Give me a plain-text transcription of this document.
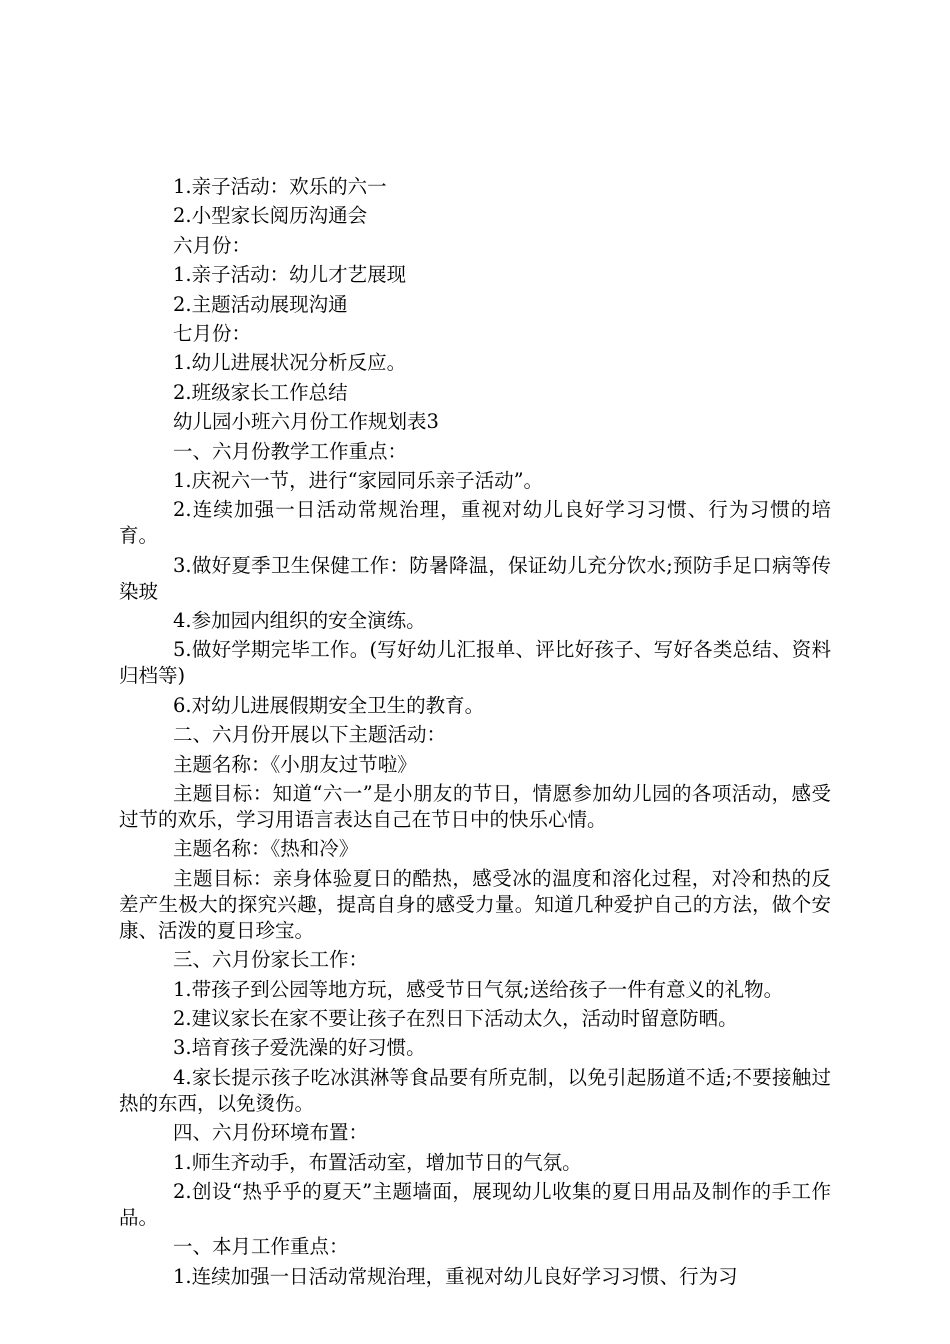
1.亲子活动：欢乐的六一

2.小型家长阅历沟通会

六月份：

1.亲子活动：幼儿才艺展现

2.主题活动展现沟通

七月份：

1.幼儿进展状况分析反应。

2.班级家长工作总结

幼儿园小班六月份工作规划表3

一、六月份教学工作重点：

1.庆祝六一节，进行“家园同乐亲子活动”。

2.连续加强一日活动常规治理，重视对幼儿良好学习习惯、行为习惯的培育。

3.做好夏季卫生保健工作：防暑降温，保证幼儿充分饮水;预防手足口病等传染玻

4.参加园内组织的安全演练。

5.做好学期完毕工作。(写好幼儿汇报单、评比好孩子、写好各类总结、资料归档等)

6.对幼儿进展假期安全卫生的教育。

二、六月份开展以下主题活动：

主题名称：《小朋友过节啦》

主题目标：知道“六一”是小朋友的节日，情愿参加幼儿园的各项活动，感受过节的欢乐，学习用语言表达自己在节日中的快乐心情。

主题名称：《热和冷》

主题目标：亲身体验夏日的酷热，感受冰的温度和溶化过程，对冷和热的反差产生极大的探究兴趣，提高自身的感受力量。知道几种爱护自己的方法，做个安康、活泼的夏日珍宝。

三、六月份家长工作：

1.带孩子到公园等地方玩，感受节日气氛;送给孩子一件有意义的礼物。

2.建议家长在家不要让孩子在烈日下活动太久，活动时留意防晒。

3.培育孩子爱洗澡的好习惯。

4.家长提示孩子吃冰淇淋等食品要有所克制，以免引起肠道不适;不要接触过热的东西，以免烫伤。

四、六月份环境布置：

1.师生齐动手，布置活动室，增加节日的气氛。

2.创设“热乎乎的夏天”主题墙面，展现幼儿收集的夏日用品及制作的手工作品。

一、本月工作重点：

1.连续加强一日活动常规治理，重视对幼儿良好学习习惯、行为习
